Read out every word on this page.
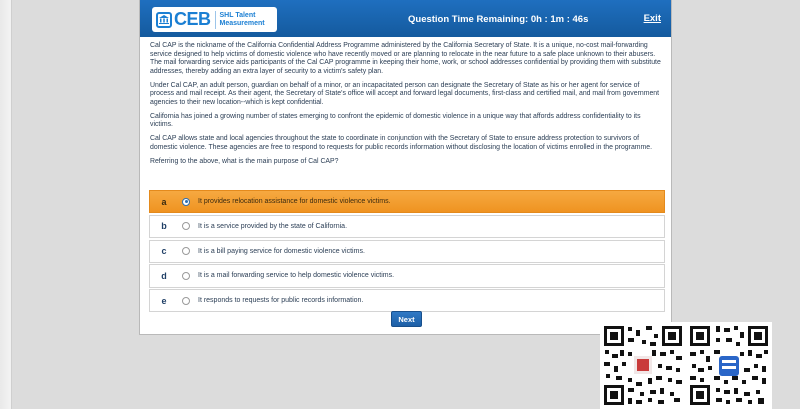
CEB SHL Talent
Measurement	Question Time Remaining: 0h : 1m : 46s	Exit

Cal CAP is the nickname of the California Confidential Address Programme administered by the California Secretary of State. It is a unique, no-cost mail-forwarding service designed to help victims of domestic violence who have recently moved or are planning to relocate in the near future to a safe place unknown to their abusers. The mail forwarding service aids participants of the Cal CAP programme in keeping their home, work, or school addresses confidential by providing them with substitute addresses, thereby adding an extra layer of security to a victim's safety plan.

Under Cal CAP, an adult person, guardian on behalf of a minor, or an incapacitated person can designate the Secretary of State as his or her agent for service of process and mail receipt. As their agent, the Secretary of State's office will accept and forward legal documents, first-class and certified mail, and mail from government agencies to their new location--which is kept confidential.

California has joined a growing number of states emerging to confront the epidemic of domestic violence in a unique way that affords address confidentiality to its victims.

Cal CAP allows state and local agencies throughout the state to coordinate in conjunction with the Secretary of State to ensure address protection to survivors of domestic violence. These agencies are free to respond to requests for public records information without disclosing the location of victims enrolled in the programme.

Referring to the above, what is the main purpose of Cal CAP?

a	It provides relocation assistance for domestic violence victims.
b	It is a service provided by the state of California.
c	It is a bill paying service for domestic violence victims.
d	It is a mail forwarding service to help domestic violence victims.
e	It responds to requests for public records information.
Next
